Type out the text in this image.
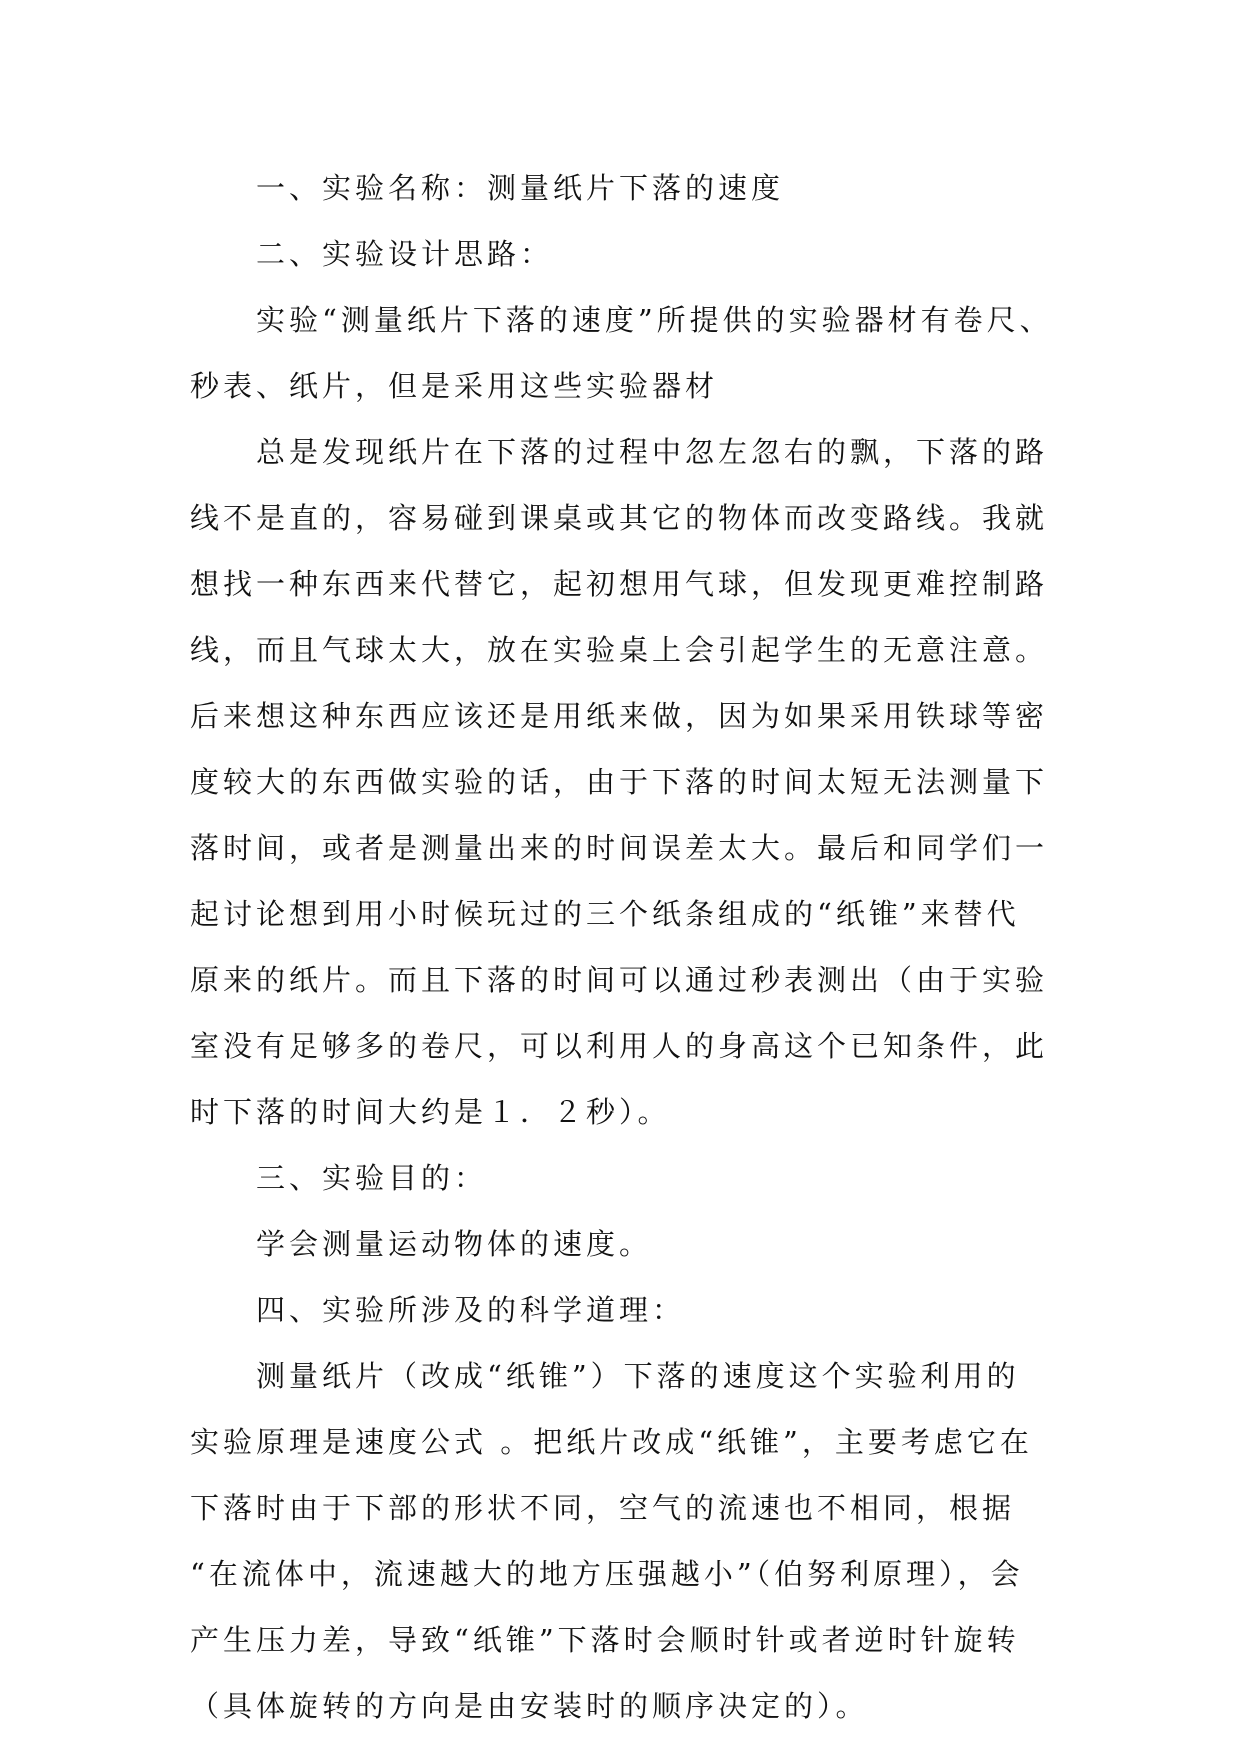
一、实验名称：测量纸片下落的速度
二、实验设计思路：
实验“测量纸片下落的速度”所提供的实验器材有卷尺、
秒表、纸片，但是采用这些实验器材
总是发现纸片在下落的过程中忽左忽右的飘，下落的路
线不是直的，容易碰到课桌或其它的物体而改变路线。我就
想找一种东西来代替它，起初想用气球，但发现更难控制路
线，而且气球太大，放在实验桌上会引起学生的无意注意。
后来想这种东西应该还是用纸来做，因为如果采用铁球等密
度较大的东西做实验的话，由于下落的时间太短无法测量下
落时间，或者是测量出来的时间误差太大。最后和同学们一
起讨论想到用小时候玩过的三个纸条组成的“纸锥”来替代
原来的纸片。而且下落的时间可以通过秒表测出（由于实验
室没有足够多的卷尺，可以利用人的身高这个已知条件，此
时下落的时间大约是１．２秒）。
三、实验目的：
学会测量运动物体的速度。
四、实验所涉及的科学道理：
测量纸片（改成“纸锥”）下落的速度这个实验利用的
实验原理是速度公式 。把纸片改成“纸锥”，主要考虑它在
下落时由于下部的形状不同，空气的流速也不相同，根据
“在流体中，流速越大的地方压强越小”（伯努利原理），会
产生压力差，导致“纸锥”下落时会顺时针或者逆时针旋转
（具体旋转的方向是由安装时的顺序决定的）。
